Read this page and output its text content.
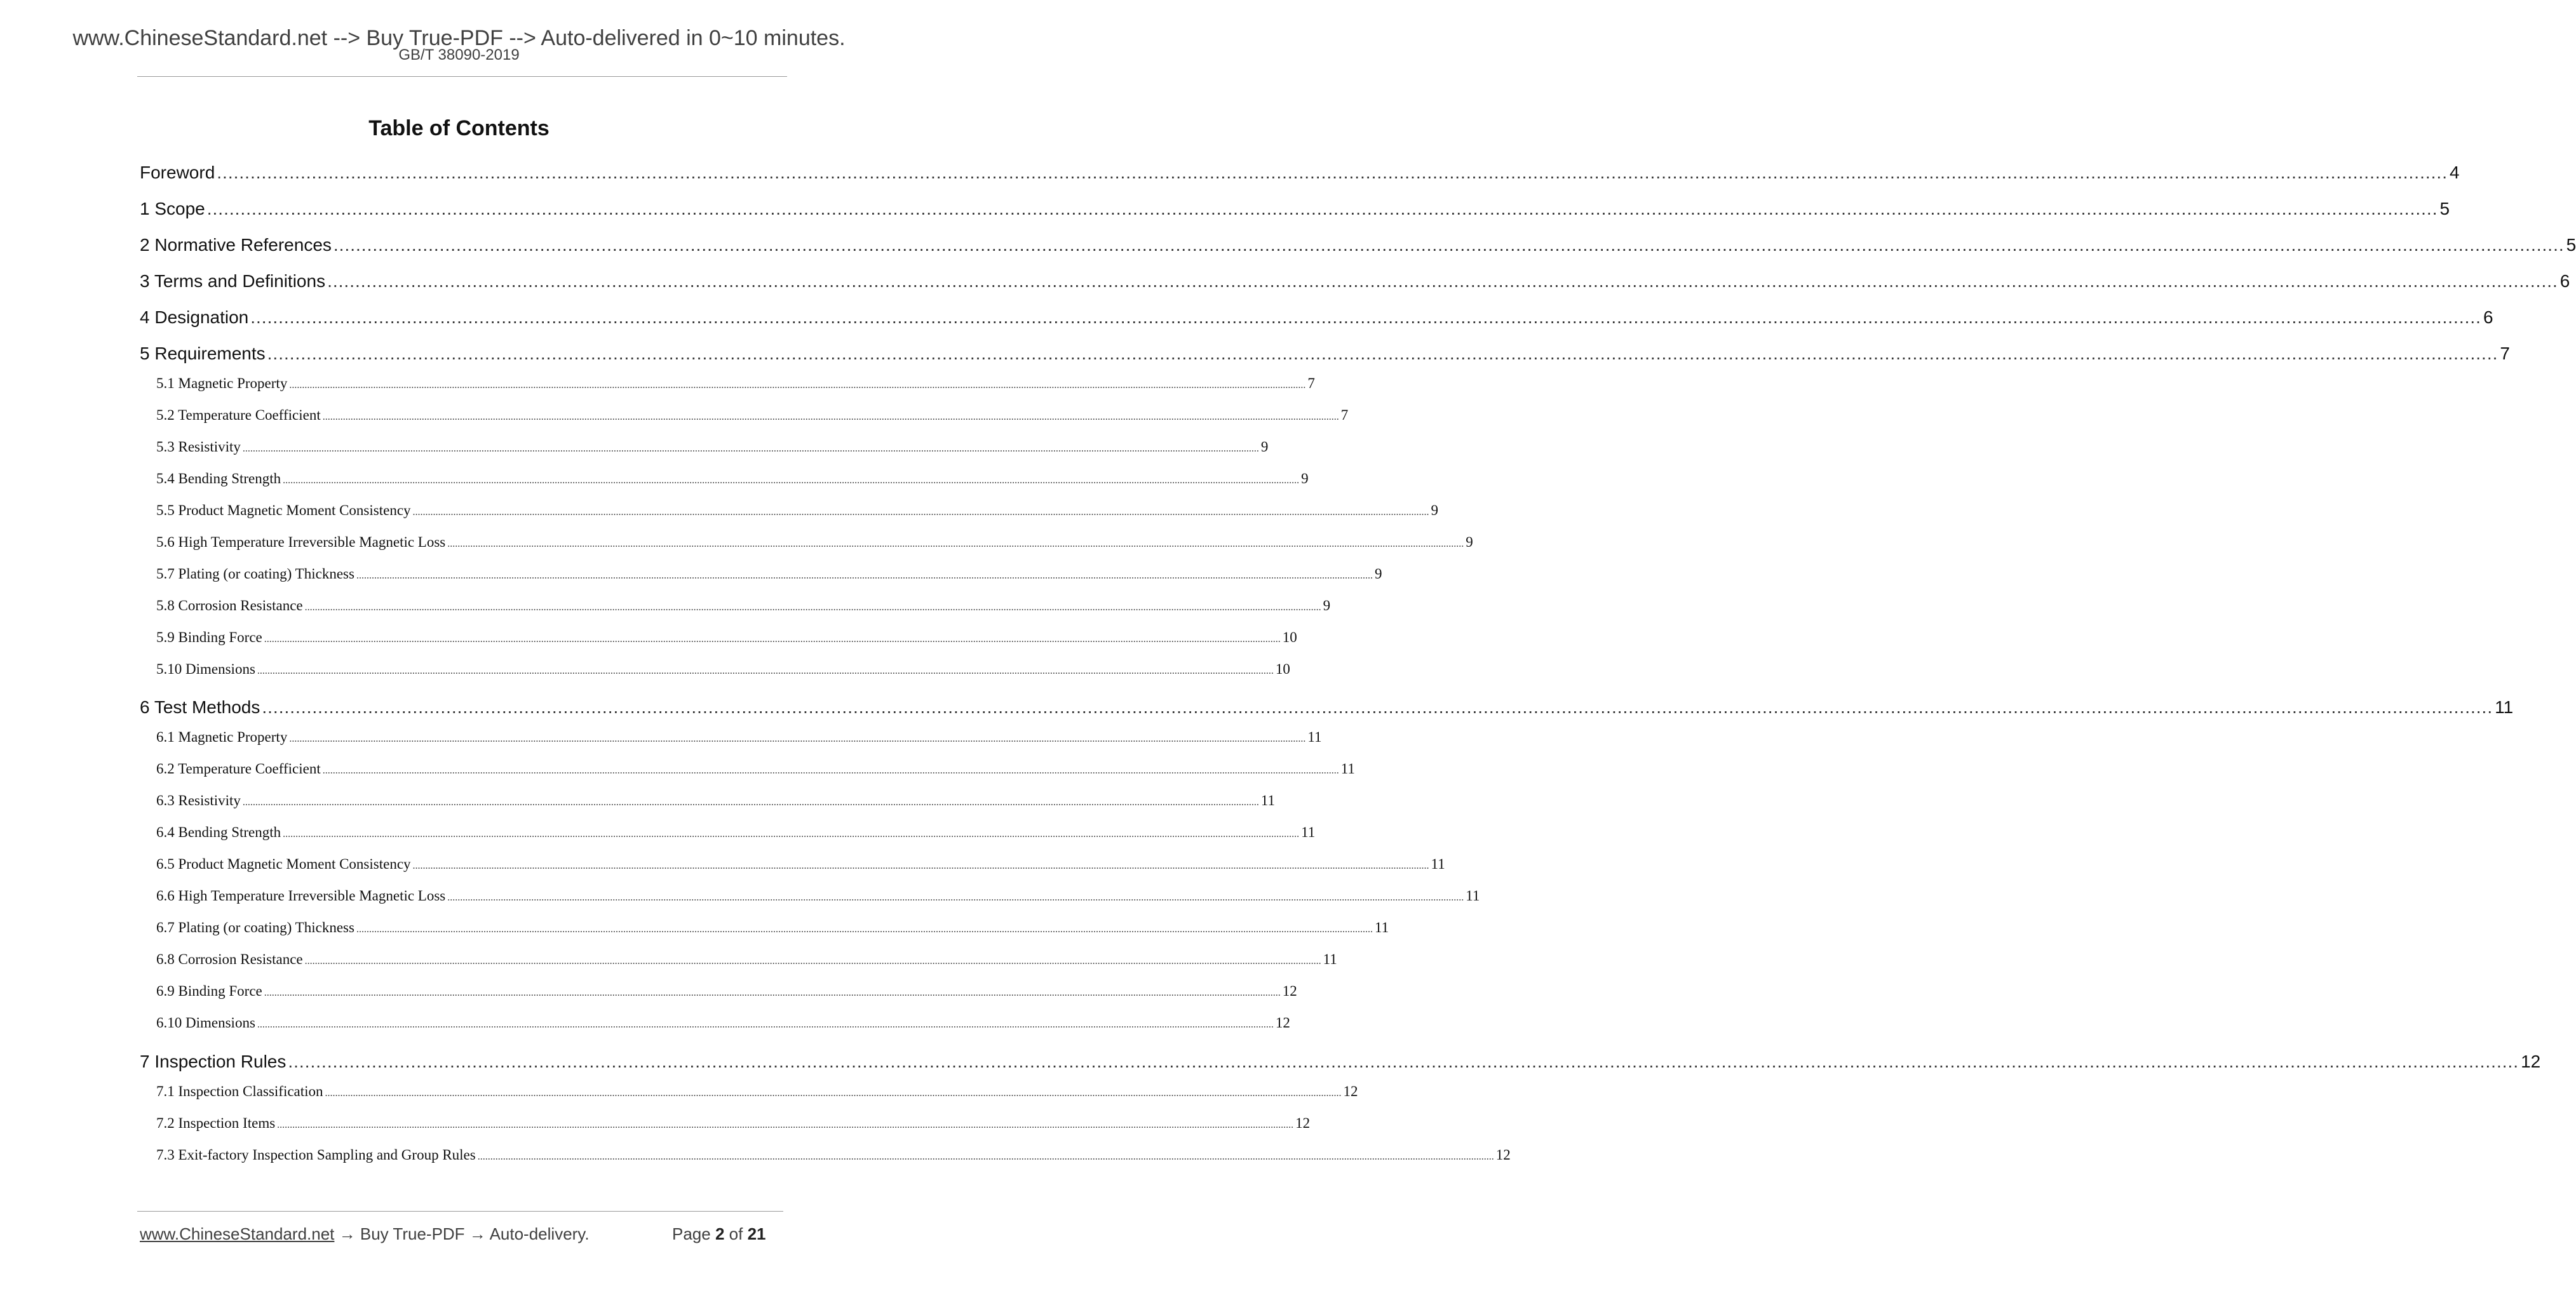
www.ChineseStandard.net --> Buy True-PDF --> Auto-delivered in 0~10 minutes.
GB/T 38090-2019
Table of Contents
Foreword ................................................................................................................................................................................................................................................................................................................................................................................................................ 4
1 Scope ................................................................................................................................................................................................................................................................................................................................................................................................................ 5
2 Normative References ................................................................................................................................................................................................................................................................................................................................................................................................................ 5
3 Terms and Definitions ................................................................................................................................................................................................................................................................................................................................................................................................................ 6
4 Designation ................................................................................................................................................................................................................................................................................................................................................................................................................ 6
5 Requirements ................................................................................................................................................................................................................................................................................................................................................................................................................ 7
5.1 Magnetic Property ................................................................................................................................................................................................................................................................................................................................................................................................................ 7
5.2 Temperature Coefficient ................................................................................................................................................................................................................................................................................................................................................................................................................ 7
5.3 Resistivity ................................................................................................................................................................................................................................................................................................................................................................................................................ 9
5.4 Bending Strength ................................................................................................................................................................................................................................................................................................................................................................................................................ 9
5.5 Product Magnetic Moment Consistency ................................................................................................................................................................................................................................................................................................................................................................................................................ 9
5.6 High Temperature Irreversible Magnetic Loss ................................................................................................................................................................................................................................................................................................................................................................................................................ 9
5.7 Plating (or coating) Thickness ................................................................................................................................................................................................................................................................................................................................................................................................................ 9
5.8 Corrosion Resistance ................................................................................................................................................................................................................................................................................................................................................................................................................ 9
5.9 Binding Force ................................................................................................................................................................................................................................................................................................................................................................................................................ 10
5.10 Dimensions ................................................................................................................................................................................................................................................................................................................................................................................................................ 10
6 Test Methods ................................................................................................................................................................................................................................................................................................................................................................................................................ 11
6.1 Magnetic Property ................................................................................................................................................................................................................................................................................................................................................................................................................ 11
6.2 Temperature Coefficient ................................................................................................................................................................................................................................................................................................................................................................................................................ 11
6.3 Resistivity ................................................................................................................................................................................................................................................................................................................................................................................................................ 11
6.4 Bending Strength ................................................................................................................................................................................................................................................................................................................................................................................................................ 11
6.5 Product Magnetic Moment Consistency ................................................................................................................................................................................................................................................................................................................................................................................................................ 11
6.6 High Temperature Irreversible Magnetic Loss ................................................................................................................................................................................................................................................................................................................................................................................................................ 11
6.7 Plating (or coating) Thickness ................................................................................................................................................................................................................................................................................................................................................................................................................ 11
6.8 Corrosion Resistance ................................................................................................................................................................................................................................................................................................................................................................................................................ 11
6.9 Binding Force ................................................................................................................................................................................................................................................................................................................................................................................................................ 12
6.10 Dimensions ................................................................................................................................................................................................................................................................................................................................................................................................................ 12
7 Inspection Rules ................................................................................................................................................................................................................................................................................................................................................................................................................ 12
7.1 Inspection Classification ................................................................................................................................................................................................................................................................................................................................................................................................................ 12
7.2 Inspection Items ................................................................................................................................................................................................................................................................................................................................................................................................................ 12
7.3 Exit-factory Inspection Sampling and Group Rules ................................................................................................................................................................................................................................................................................................................................................................................................................ 12
www.ChineseStandard.net → Buy True-PDF → Auto-delivery.	Page 2 of 21
